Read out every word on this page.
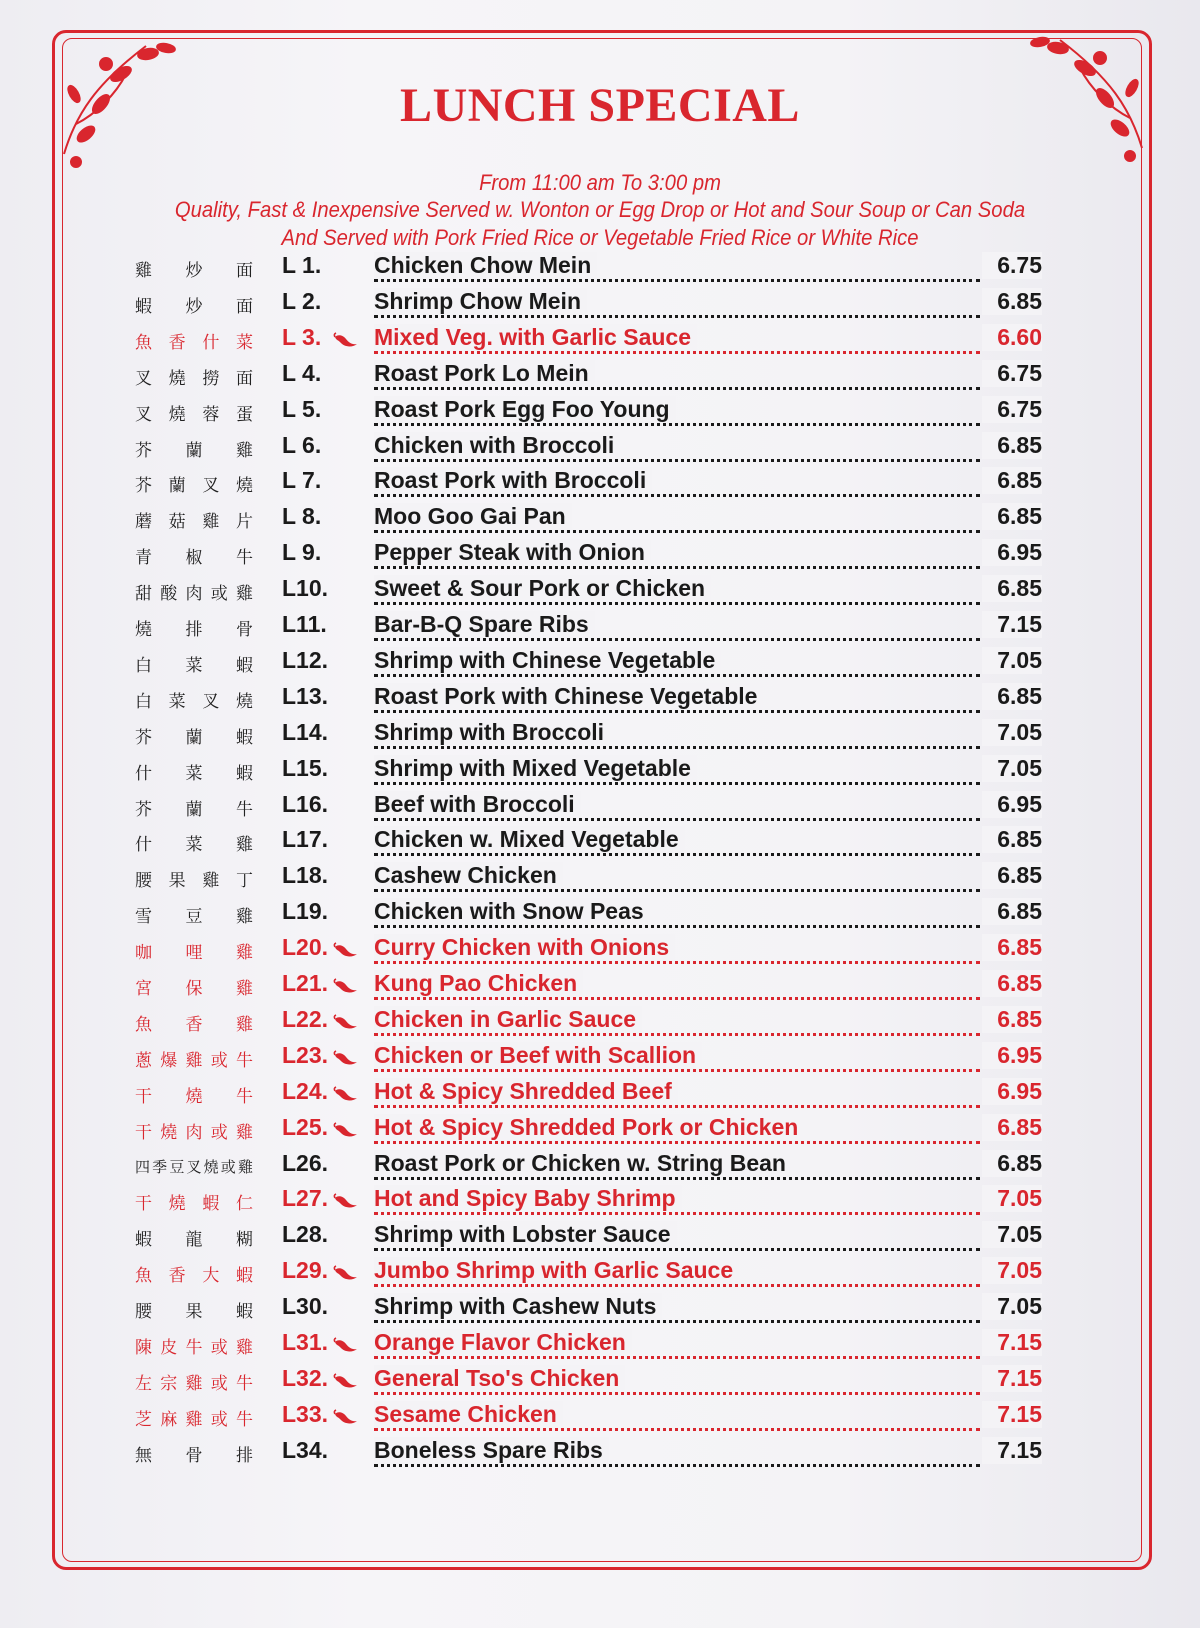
LUNCH SPECIAL
From 11:00 am To 3:00 pm
Quality, Fast & Inexpensive Served w. Wonton or Egg Drop or Hot and Sour Soup or Can Soda
And Served with Pork Fried Rice or Vegetable Fried Rice or White Rice
雞 炒 面 L 1. Chicken Chow Mein	6.75
蝦 炒 面 L 2. Shrimp Chow Mein	6.85
魚 香 什 菜 L 3. Mixed Veg. with Garlic Sauce	6.60
叉 燒 撈 面 L 4. Roast Pork Lo Mein	6.75
叉 燒 蓉 蛋 L 5. Roast Pork Egg Foo Young	6.75
芥 蘭 雞 L 6. Chicken with Broccoli	6.85
芥 蘭 叉 燒 L 7. Roast Pork with Broccoli	6.85
蘑 菇 雞 片 L 8. Moo Goo Gai Pan	6.85
青 椒 牛 L 9. Pepper Steak with Onion	6.95
甜 酸 肉 或 雞 L10. Sweet & Sour Pork or Chicken	6.85
燒 排 骨 L11. Bar-B-Q Spare Ribs	7.15
白 菜 蝦 L12. Shrimp with Chinese Vegetable	7.05
白 菜 叉 燒 L13. Roast Pork with Chinese Vegetable	6.85
芥 蘭 蝦 L14. Shrimp with Broccoli	7.05
什 菜 蝦 L15. Shrimp with Mixed Vegetable	7.05
芥 蘭 牛 L16. Beef with Broccoli	6.95
什 菜 雞 L17. Chicken w. Mixed Vegetable	6.85
腰 果 雞 丁 L18. Cashew Chicken	6.85
雪 豆 雞 L19. Chicken with Snow Peas	6.85
咖 哩 雞 L20. Curry Chicken with Onions	6.85
宮 保 雞 L21. Kung Pao Chicken	6.85
魚 香 雞 L22. Chicken in Garlic Sauce	6.85
蔥 爆 雞 或 牛 L23. Chicken or Beef with Scallion	6.95
干 燒 牛 L24. Hot & Spicy Shredded Beef	6.95
干 燒 肉 或 雞 L25. Hot & Spicy Shredded Pork or Chicken	6.85
四 季 豆 叉 燒 或 雞 L26. Roast Pork or Chicken w. String Bean	6.85
干 燒 蝦 仁 L27. Hot and Spicy Baby Shrimp	7.05
蝦 龍 糊 L28. Shrimp with Lobster Sauce	7.05
魚 香 大 蝦 L29. Jumbo Shrimp with Garlic Sauce	7.05
腰 果 蝦 L30. Shrimp with Cashew Nuts	7.05
陳 皮 牛 或 雞 L31. Orange Flavor Chicken	7.15
左 宗 雞 或 牛 L32. General Tso's Chicken	7.15
芝 麻 雞 或 牛 L33. Sesame Chicken	7.15
無 骨 排 L34. Boneless Spare Ribs	7.15
